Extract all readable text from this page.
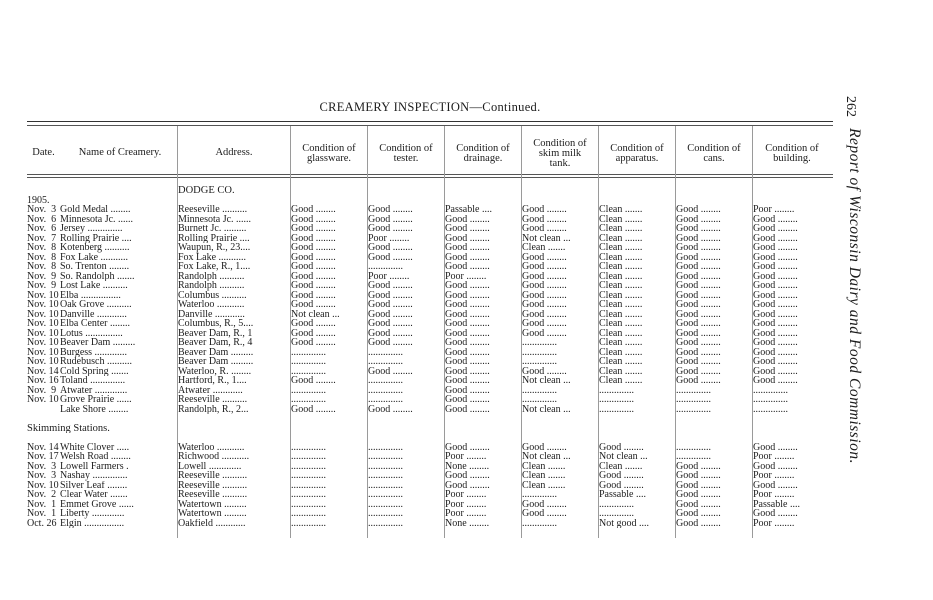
CREAMERY INSPECTION—Continued.
Date.	Name of Creamery.	Address.	Condition of
glassware.
Condition of
tester.
Condition of
drainage.
Condition of
skim milk
tank.
Condition of
apparatus.
Condition of
cans.
Condition of
building.
		DODGE CO.							
1905.									
Nov.  3	Gold Medal ........	Reeseville ..........	Good ........	Good ........	Passable ....	Good ........	Clean .......	Good ........	Poor ........
Nov.  6	Minnesota Jc. ......	Minnesota Jc. ......	Good ........	Good ........	Good ........	Good ........	Clean .......	Good ........	Good ........
Nov.  6	Jersey ..............	Burnett Jc. .........	Good ........	Good ........	Good ........	Good ........	Clean .......	Good ........	Good ........
Nov.  7	Rolling Prairie ....	Rolling Prairie ....	Good ........	Poor ........	Good ........	Not clean ...	Clean .......	Good ........	Good ........
Nov.  8	Kotenberg ..........	Waupun, R., 23....	Good ........	Good ........	Good ........	Clean .......	Clean .......	Good ........	Good ........
Nov.  8	Fox Lake ...........	Fox Lake ...........	Good ........	Good ........	Good ........	Good ........	Clean .......	Good ........	Good ........
Nov.  8	So. Trenton ........	Fox Lake, R., 1....	Good ........	..............	Good ........	Good ........	Clean .......	Good ........	Good ........
Nov.  9	So. Randolph .......	Randolph ..........	Good ........	Poor ........	Poor ........	Good ........	Clean .......	Good ........	Good ........
Nov.  9	Lost Lake ..........	Randolph ..........	Good ........	Good ........	Good ........	Good ........	Clean .......	Good ........	Good ........
Nov. 10	Elba ................	Columbus ..........	Good ........	Good ........	Good ........	Good ........	Clean .......	Good ........	Good ........
Nov. 10	Oak Grove ..........	Waterloo ...........	Good ........	Good ........	Good ........	Good ........	Clean .......	Good ........	Good ........
Nov. 10	Danville ............	Danville ............	Not clean ...	Good ........	Good ........	Good ........	Clean .......	Good ........	Good ........
Nov. 10	Elba Center ........	Columbus, R., 5....	Good ........	Good ........	Good ........	Good ........	Clean .......	Good ........	Good ........
Nov. 10	Lotus ...............	Beaver Dam, R., 1	Good ........	Good ........	Good ........	Good ........	Clean .......	Good ........	Good ........
Nov. 10	Beaver Dam .........	Beaver Dam, R., 4	Good ........	Good ........	Good ........	..............	Clean .......	Good ........	Good ........
Nov. 10	Burgess .............	Beaver Dam .........	..............	..............	Good ........	..............	Clean .......	Good ........	Good ........
Nov. 10	Rudebusch ..........	Beaver Dam .........	..............	..............	Good ........	..............	Clean .......	Good ........	Good ........
Nov. 14	Cold Spring .......	Waterloo, R. ........	..............	Good ........	Good ........	Good ........	Clean .......	Good ........	Good ........
Nov. 16	Toland ..............	Hartford, R., 1....	Good ........	..............	Good ........	Not clean ...	Clean .......	Good ........	Good ........
Nov.  9	Atwater .............	Atwater ............	..............	..............	Good ........	..............	..............	..............	..............
Nov. 10	Grove Prairie ......	Reeseville ..........	..............	..............	Good ........	..............	..............	..............	..............
	Lake Shore ........	Randolph, R., 2...	Good ........	Good ........	Good ........	Not clean ...	..............	..............	..............

Skimming Stations.									

Nov. 14	White Clover .....	Waterloo ...........	..............	..............	Good ........	Good ........	Good ........	..............	Good ........
Nov. 17	Welsh Road ........	Richwood ...........	..............	..............	Poor ........	Not clean ...	Not clean ...	..............	Poor ........
Nov.  3	Lowell Farmers .	Lowell .............	..............	..............	None ........	Clean .......	Clean .......	Good ........	Good ........
Nov.  3	Nashay ..............	Reeseville ..........	..............	..............	Good ........	Clean .......	Good ........	Good ........	Poor ........
Nov. 10	Silver Leaf ........	Reeseville ..........	..............	..............	Good ........	Clean .......	Good ........	Good ........	Good ........
Nov.  2	Clear Water .......	Reeseville ..........	..............	..............	Poor ........	..............	Passable ....	Good ........	Poor ........
Nov.  1	Emmet Grove ......	Watertown .........	..............	..............	Poor ........	Good ........	..............	Good ........	Passable ....
Nov.  1	Liberty .............	Watertown .........	..............	..............	Poor ........	Good ........	..............	Good ........	Good ........
Oct. 26	Elgin ................	Oakfield ............	..............	..............	None ........	..............	Not good ....	Good ........	Poor ........
262
Report of Wisconsin Dairy and Food Commission.
